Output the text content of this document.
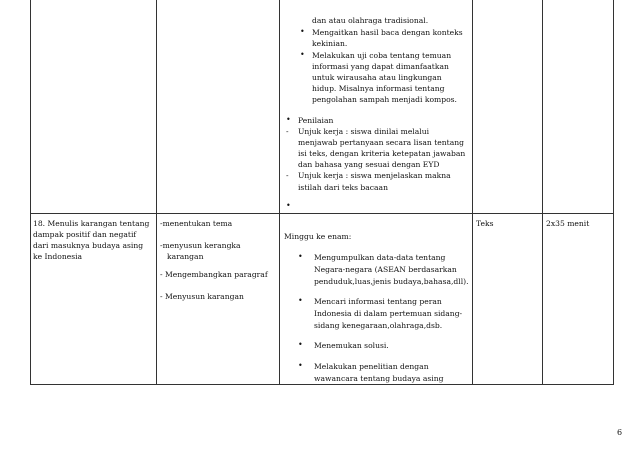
dan atau olahraga tradisional.
• Mengaitkan hasil baca dengan konteks
kekinian.
• Melakukan uji coba tentang temuan
informasi yang dapat dimanfaatkan
untuk wirausaha atau lingkungan
hidup. Misalnya informasi tentang
pengolahan sampah menjadi kompos.
• Penilaian
- Unjuk kerja : siswa dinilai melalui
menjawab pertanyaan secara lisan tentang
isi teks, dengan kriteria ketepatan jawaban
dan bahasa yang sesuai dengan EYD
- Unjuk kerja : siswa menjelaskan makna
istilah dari teks bacaan
•
18. Menulis karangan tentang
dampak positif dan negatif
dari masuknya budaya asing
ke Indonesia
-menentukan tema
-menyusun kerangka
karangan
- Mengembangkan paragraf
- Menyusun karangan
Minggu ke enam:
• Mengumpulkan data-data tentang
Negara-negara (ASEAN berdasarkan
penduduk,luas,jenis budaya,bahasa,dll).
• Mencari informasi tentang peran
Indonesia di dalam pertemuan sidang-
sidang kenegaraan,olahraga,dsb.
• Menemukan solusi.
• Melakukan penelitian dengan
wawancara tentang budaya asing
Teks	2x35 menit
6
